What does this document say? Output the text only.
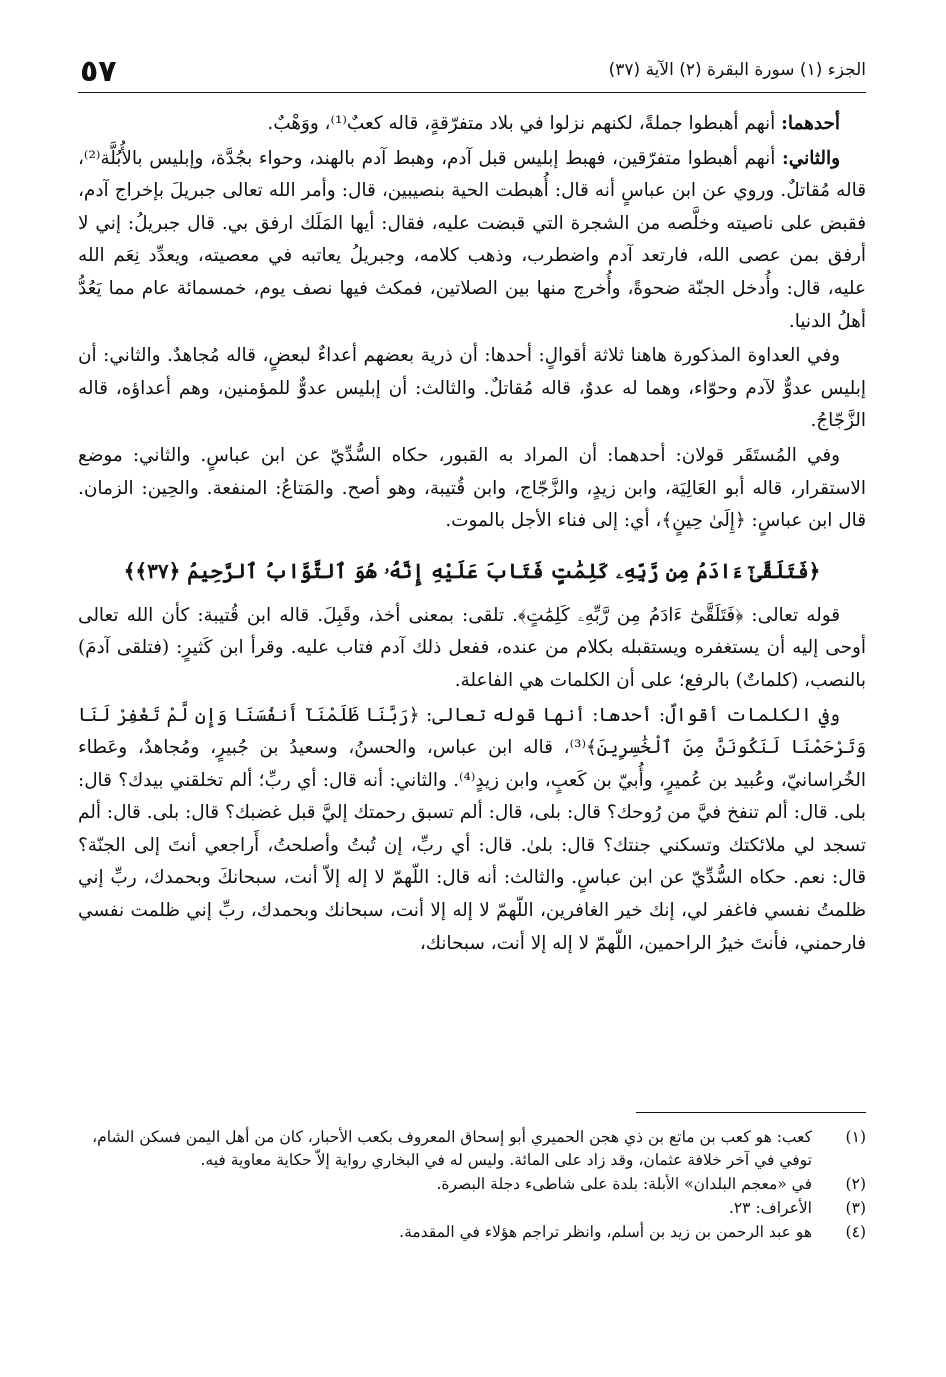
٥٧	الجزء (١) سورة البقرة (٢) الآية (٣٧)

أحدهما: أنهم أهبطوا جملةً، لكنهم نزلوا في بلاد متفرّقةٍ، قاله كعبٌ⁽¹⁾، ووَهْبٌ.

والثاني: أنهم أهبطوا متفرّقين، فهبط إبليس قبل آدم، وهبط آدم بالهند، وحواء بجُدَّة، وإبليس بالأُبُلَّة⁽²⁾، قاله مُقاتلٌ. وروي عن ابن عباسٍ أنه قال: أُهبطت الحية بنصيبين، قال: وأمر الله تعالى جبريلَ بإخراج آدم، فقبض على ناصيته وخلَّصه من الشجرة التي قبضت عليه، فقال: أيها المَلَك ارفق بي. قال جبريلُ: إني لا أرفق بمن عصى الله، فارتعد آدم واضطرب، وذهب كلامه، وجبريلُ يعاتبه في معصيته، ويعدِّد نِعَم الله عليه، قال: وأُدخل الجنّة ضحوةً، وأُخرج منها بين الصلاتين، فمكث فيها نصف يوم، خمسمائة عام مما يَعُدُّ أهلُ الدنيا.

وفي العداوة المذكورة هاهنا ثلاثة أقوالٍ: أحدها: أن ذرية بعضهم أعداءٌ لبعضٍ، قاله مُجاهدٌ. والثاني: أن إبليس عدوٌّ لآدم وحوّاء، وهما له عدوٌ، قاله مُقاتلٌ. والثالث: أن إبليس عدوٌّ للمؤمنين، وهم أعداؤه، قاله الزَّجّاجُ.

وفي المُستَقَر قولان: أحدهما: أن المراد به القبور، حكاه السُّدِّيّ عن ابن عباسٍ. والثاني: موضع الاستقرار، قاله أبو العَالِيَة، وابن زيدٍ، والزَّجّاج، وابن قُتيبة، وهو أصح. والمَتاعُ: المنفعة. والحِين: الزمان. قال ابن عباسٍ: ﴿إِلَىٰ حِينٍ﴾، أي: إلى فناء الأجل بالموت.

﴿فَتَلَقَّىٰٓ ءَادَمُ مِن رَّبِّهِۦ كَلِمَٰتٍ فَتَابَ عَلَيْهِ إِنَّهُۥ هُوَ ٱلتَّوَّابُ ٱلرَّحِيمُ ﴿٣٧﴾﴾

قوله تعالى: ﴿فَتَلَقَّىٰٓ ءَادَمُ مِن رَّبِّهِۦ كَلِمَٰتٍ﴾. تلقى: بمعنى أخذ، وقَبِلَ. قاله ابن قُتيبة: كأن الله تعالى أوحى إليه أن يستغفره ويستقبله بكلام من عنده، ففعل ذلك آدم فتاب عليه. وقرأ ابن كَثيرٍ: (فتلقى آدمَ) بالنصب، (كلماتٌ) بالرفع؛ على أن الكلمات هي الفاعلة.

وفي الكلمات أقوالٌ: أحدها: أنها قوله تعالى: ﴿رَبَّنَا ظَلَمْنَآ أَنفُسَنَا وَإِن لَّمْ تَغْفِرْ لَنَا وَتَرْحَمْنَا لَنَكُونَنَّ مِنَ ٱلْخَٰسِرِينَ﴾⁽³⁾، قاله ابن عباس، والحسنُ، وسعيدُ بن جُبيرٍ، ومُجاهدٌ، وعَطاء الخُراسانيّ، وعُبيد بن عُميرٍ، وأُبيّ بن كَعبٍ، وابن زيدٍ⁽⁴⁾. والثاني: أنه قال: أي ربِّ؛ ألم تخلقني بيدك؟ قال: بلى. قال: ألم تنفخ فيَّ من رُوحك؟ قال: بلى، قال: ألم تسبق رحمتك إليَّ قبل غضبك؟ قال: بلى. قال: ألم تسجد لي ملائكتك وتسكني جنتك؟ قال: بلىٰ. قال: أي ربِّ، إن تُبتُ وأصلحتُ، أَراجعي أنتَ إلى الجنّة؟ قال: نعم. حكاه السُّدِّيّ عن ابن عباسٍ. والثالث: أنه قال: اللّهمّ لا إله إلاّ أنت، سبحانكَ وبحمدك، ربِّ إني ظلمتُ نفسي فاغفر لي، إنك خير الغافرين، اللّهمّ لا إله إلا أنت، سبحانك وبحمدك، ربِّ إني ظلمت نفسي فارحمني، فأنتَ خيرُ الراحمين، اللّهمّ لا إله إلا أنت، سبحانك،

(١)
كعب: هو كعب بن ماتع بن ذي هجن الحميري أبو إسحاق المعروف بكعب الأحبار، كان من أهل اليمن فسكن الشام، توفي في آخر خلافة عثمان، وقد زاد على المائة. وليس له في البخاري رواية إلاّ حكاية معاوية فيه.
(٢)
في «معجم البلدان» الأبلة: بلدة على شاطىء دجلة البصرة.
(٣)
الأعراف: ٢٣.
(٤)
هو عبد الرحمن بن زيد بن أسلم، وانظر تراجم هؤلاء في المقدمة.
